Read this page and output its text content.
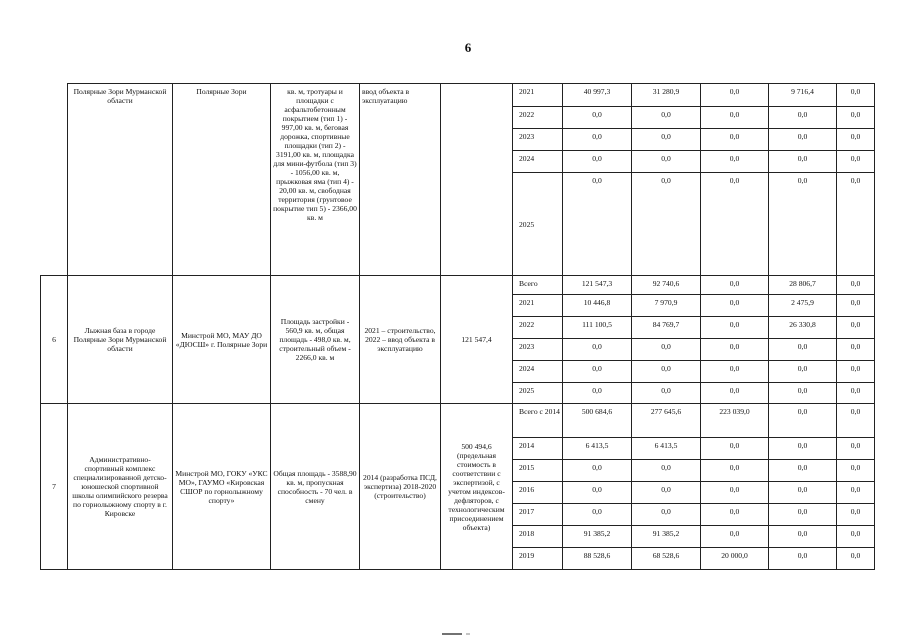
6
	Полярные Зори Мурманской области	Полярные Зори	кв. м, тротуары и площадки с асфальтобетонным покрытием (тип 1) - 997,00 кв. м, беговая дорожка, спортивные площадки (тип 2) - 3191,00 кв. м, площадка для мини-футбола (тип 3) - 1056,00 кв. м, прыжковая яма (тип 4) - 20,00 кв. м, свободная территория (грунтовое покрытие тип 5) - 2366,00 кв. м	ввод объекта в эксплуатацию		2021	40 997,3	31 280,9	0,0	9 716,4	0,0
						2022	0,0	0,0	0,0	0,0	0,0
						2023	0,0	0,0	0,0	0,0	0,0
						2024	0,0	0,0	0,0	0,0	0,0
						2025	0,0	0,0	0,0	0,0	0,0
6	Лыжная база в городе Полярные Зори Мурманской области	Минстрой МО, МАУ ДО «ДЮСШ» г. Полярные Зори	Площадь застройки - 560,9 кв. м, общая площадь - 498,0 кв. м, строительный объем - 2266,0 кв. м	2021 – строительство, 2022 – ввод объекта в эксплуатацию	121 547,4	Всего	121 547,3	92 740,6	0,0	28 806,7	0,0
						2021	10 446,8	7 970,9	0,0	2 475,9	0,0
						2022	111 100,5	84 769,7	0,0	26 330,8	0,0
						2023	0,0	0,0	0,0	0,0	0,0
						2024	0,0	0,0	0,0	0,0	0,0
						2025	0,0	0,0	0,0	0,0	0,0
7	Административно-спортивный комплекс специализированной детско-юношеской спортивной школы олимпийского резерва по горнолыжному спорту в г. Кировске	Минстрой МО, ГОКУ «УКС МО», ГАУМО «Кировская СШОР по горнолыжному спорту»	Общая площадь - 3588,90 кв. м, пропускная способность - 70 чел. в смену	2014 (разработка ПСД, экспертиза) 2018-2020 (строительство)	500 494,6 (предельная стоимость в соответствии с экспертизой, с учетом индексов-дефляторов, с технологическим присоединением объекта)	Всего с 2014	500 684,6	277 645,6	223 039,0	0,0	0,0
						2014	6 413,5	6 413,5	0,0	0,0	0,0
						2015	0,0	0,0	0,0	0,0	0,0
						2016	0,0	0,0	0,0	0,0	0,0
						2017	0,0	0,0	0,0	0,0	0,0
						2018	91 385,2	91 385,2	0,0	0,0	0,0
						2019	88 528,6	68 528,6	20 000,0	0,0	0,0
